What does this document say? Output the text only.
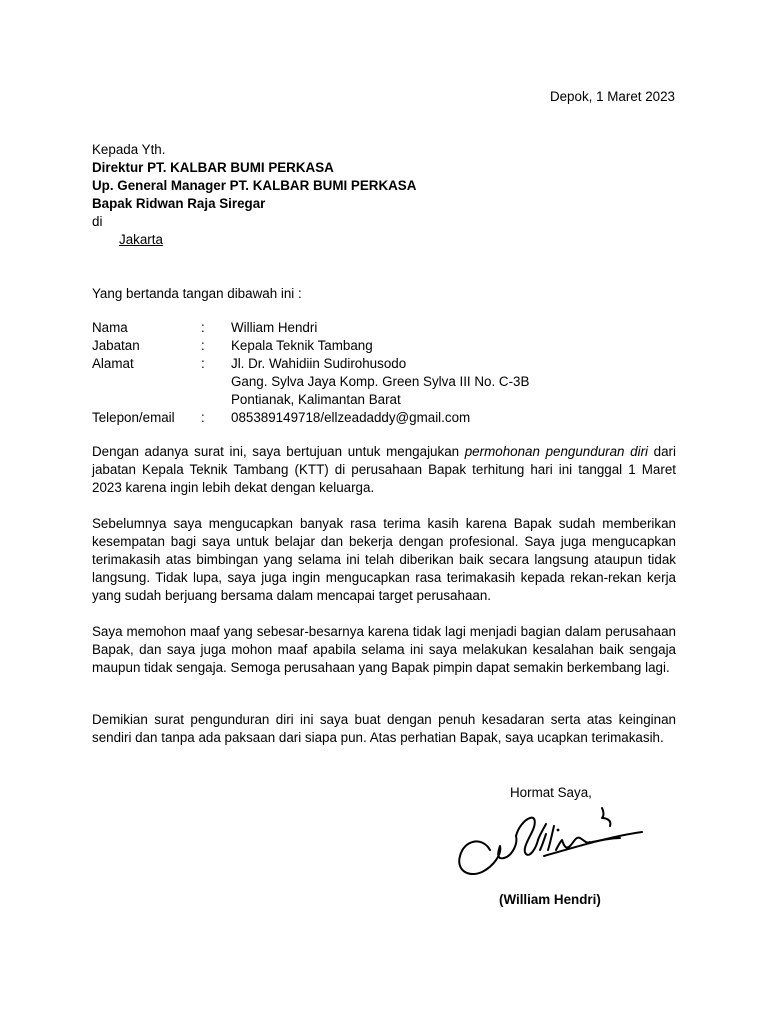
Depok, 1 Maret 2023
Kepada Yth.
Direktur PT. KALBAR BUMI PERKASA
Up. General Manager PT. KALBAR BUMI PERKASA
Bapak Ridwan Raja Siregar
di
Jakarta
Yang bertanda tangan dibawah ini :
Nama	:	William Hendri
Jabatan	:	Kepala Teknik Tambang
Alamat	:	Jl. Dr. Wahidiin Sudirohusodo
Gang. Sylva Jaya Komp. Green Sylva III No. C-3B
Pontianak, Kalimantan Barat
Telepon/email	:	085389149718/ellzeadaddy@gmail.com

Dengan adanya surat ini, saya bertujuan untuk mengajukan permohonan pengunduran diri dari jabatan Kepala Teknik Tambang (KTT) di perusahaan Bapak terhitung hari ini tanggal 1 Maret 2023 karena ingin lebih dekat dengan keluarga.

Sebelumnya saya mengucapkan banyak rasa terima kasih karena Bapak sudah memberikan kesempatan bagi saya untuk belajar dan bekerja dengan profesional. Saya juga mengucapkan terimakasih atas bimbingan yang selama ini telah diberikan baik secara langsung ataupun tidak langsung. Tidak lupa, saya juga ingin mengucapkan rasa terimakasih kepada rekan-rekan kerja yang sudah berjuang bersama dalam mencapai target perusahaan.

Saya memohon maaf yang sebesar-besarnya karena tidak lagi menjadi bagian dalam perusahaan Bapak, dan saya juga mohon maaf apabila selama ini saya melakukan kesalahan baik sengaja maupun tidak sengaja. Semoga perusahaan yang Bapak pimpin dapat semakin berkembang lagi.

Demikian surat pengunduran diri ini saya buat dengan penuh kesadaran serta atas keinginan sendiri dan tanpa ada paksaan dari siapa pun. Atas perhatian Bapak, saya ucapkan terimakasih.

Hormat Saya,
(William Hendri)
